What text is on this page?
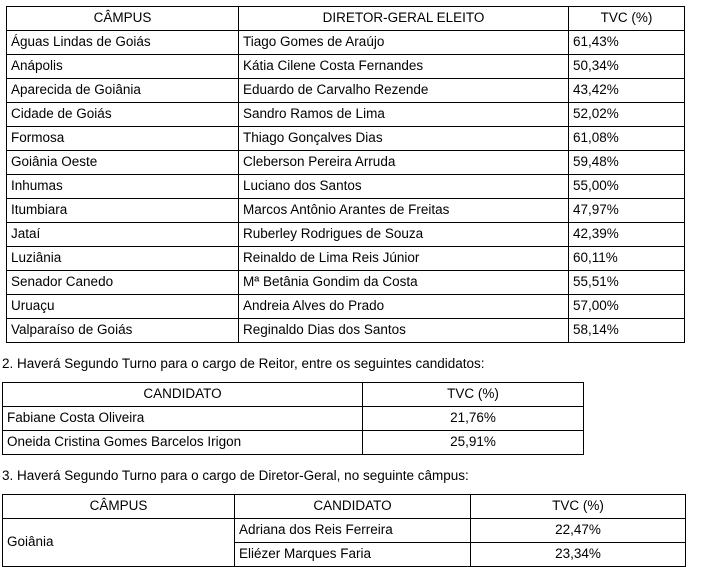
CÂMPUS	DIRETOR-GERAL ELEITO	TVC (%)
Águas Lindas de Goiás	Tiago Gomes de Araújo	61,43%
Anápolis	Kátia Cilene Costa Fernandes	50,34%
Aparecida de Goiânia	Eduardo de Carvalho Rezende	43,42%
Cidade de Goiás	Sandro Ramos de Lima	52,02%
Formosa	Thiago Gonçalves Dias	61,08%
Goiânia Oeste	Cleberson Pereira Arruda	59,48%
Inhumas	Luciano dos Santos	55,00%
Itumbiara	Marcos Antônio Arantes de Freitas	47,97%
Jataí	Ruberley Rodrigues de Souza	42,39%
Luziânia	Reinaldo de Lima Reis Júnior	60,11%
Senador Canedo	Mª Betânia Gondim da Costa	55,51%
Uruaçu	Andreia Alves do Prado	57,00%
Valparaíso de Goiás	Reginaldo Dias dos Santos	58,14%

2. Haverá Segundo Turno para o cargo de Reitor, entre os seguintes candidatos:

CANDIDATO	TVC (%)
Fabiane Costa Oliveira	21,76%
Oneida Cristina Gomes Barcelos Irigon	25,91%

3. Haverá Segundo Turno para o cargo de Diretor-Geral, no seguinte câmpus:

CÂMPUS	CANDIDATO	TVC (%)
Goiânia	Adriana dos Reis Ferreira	22,47%
	Eliézer Marques Faria	23,34%
